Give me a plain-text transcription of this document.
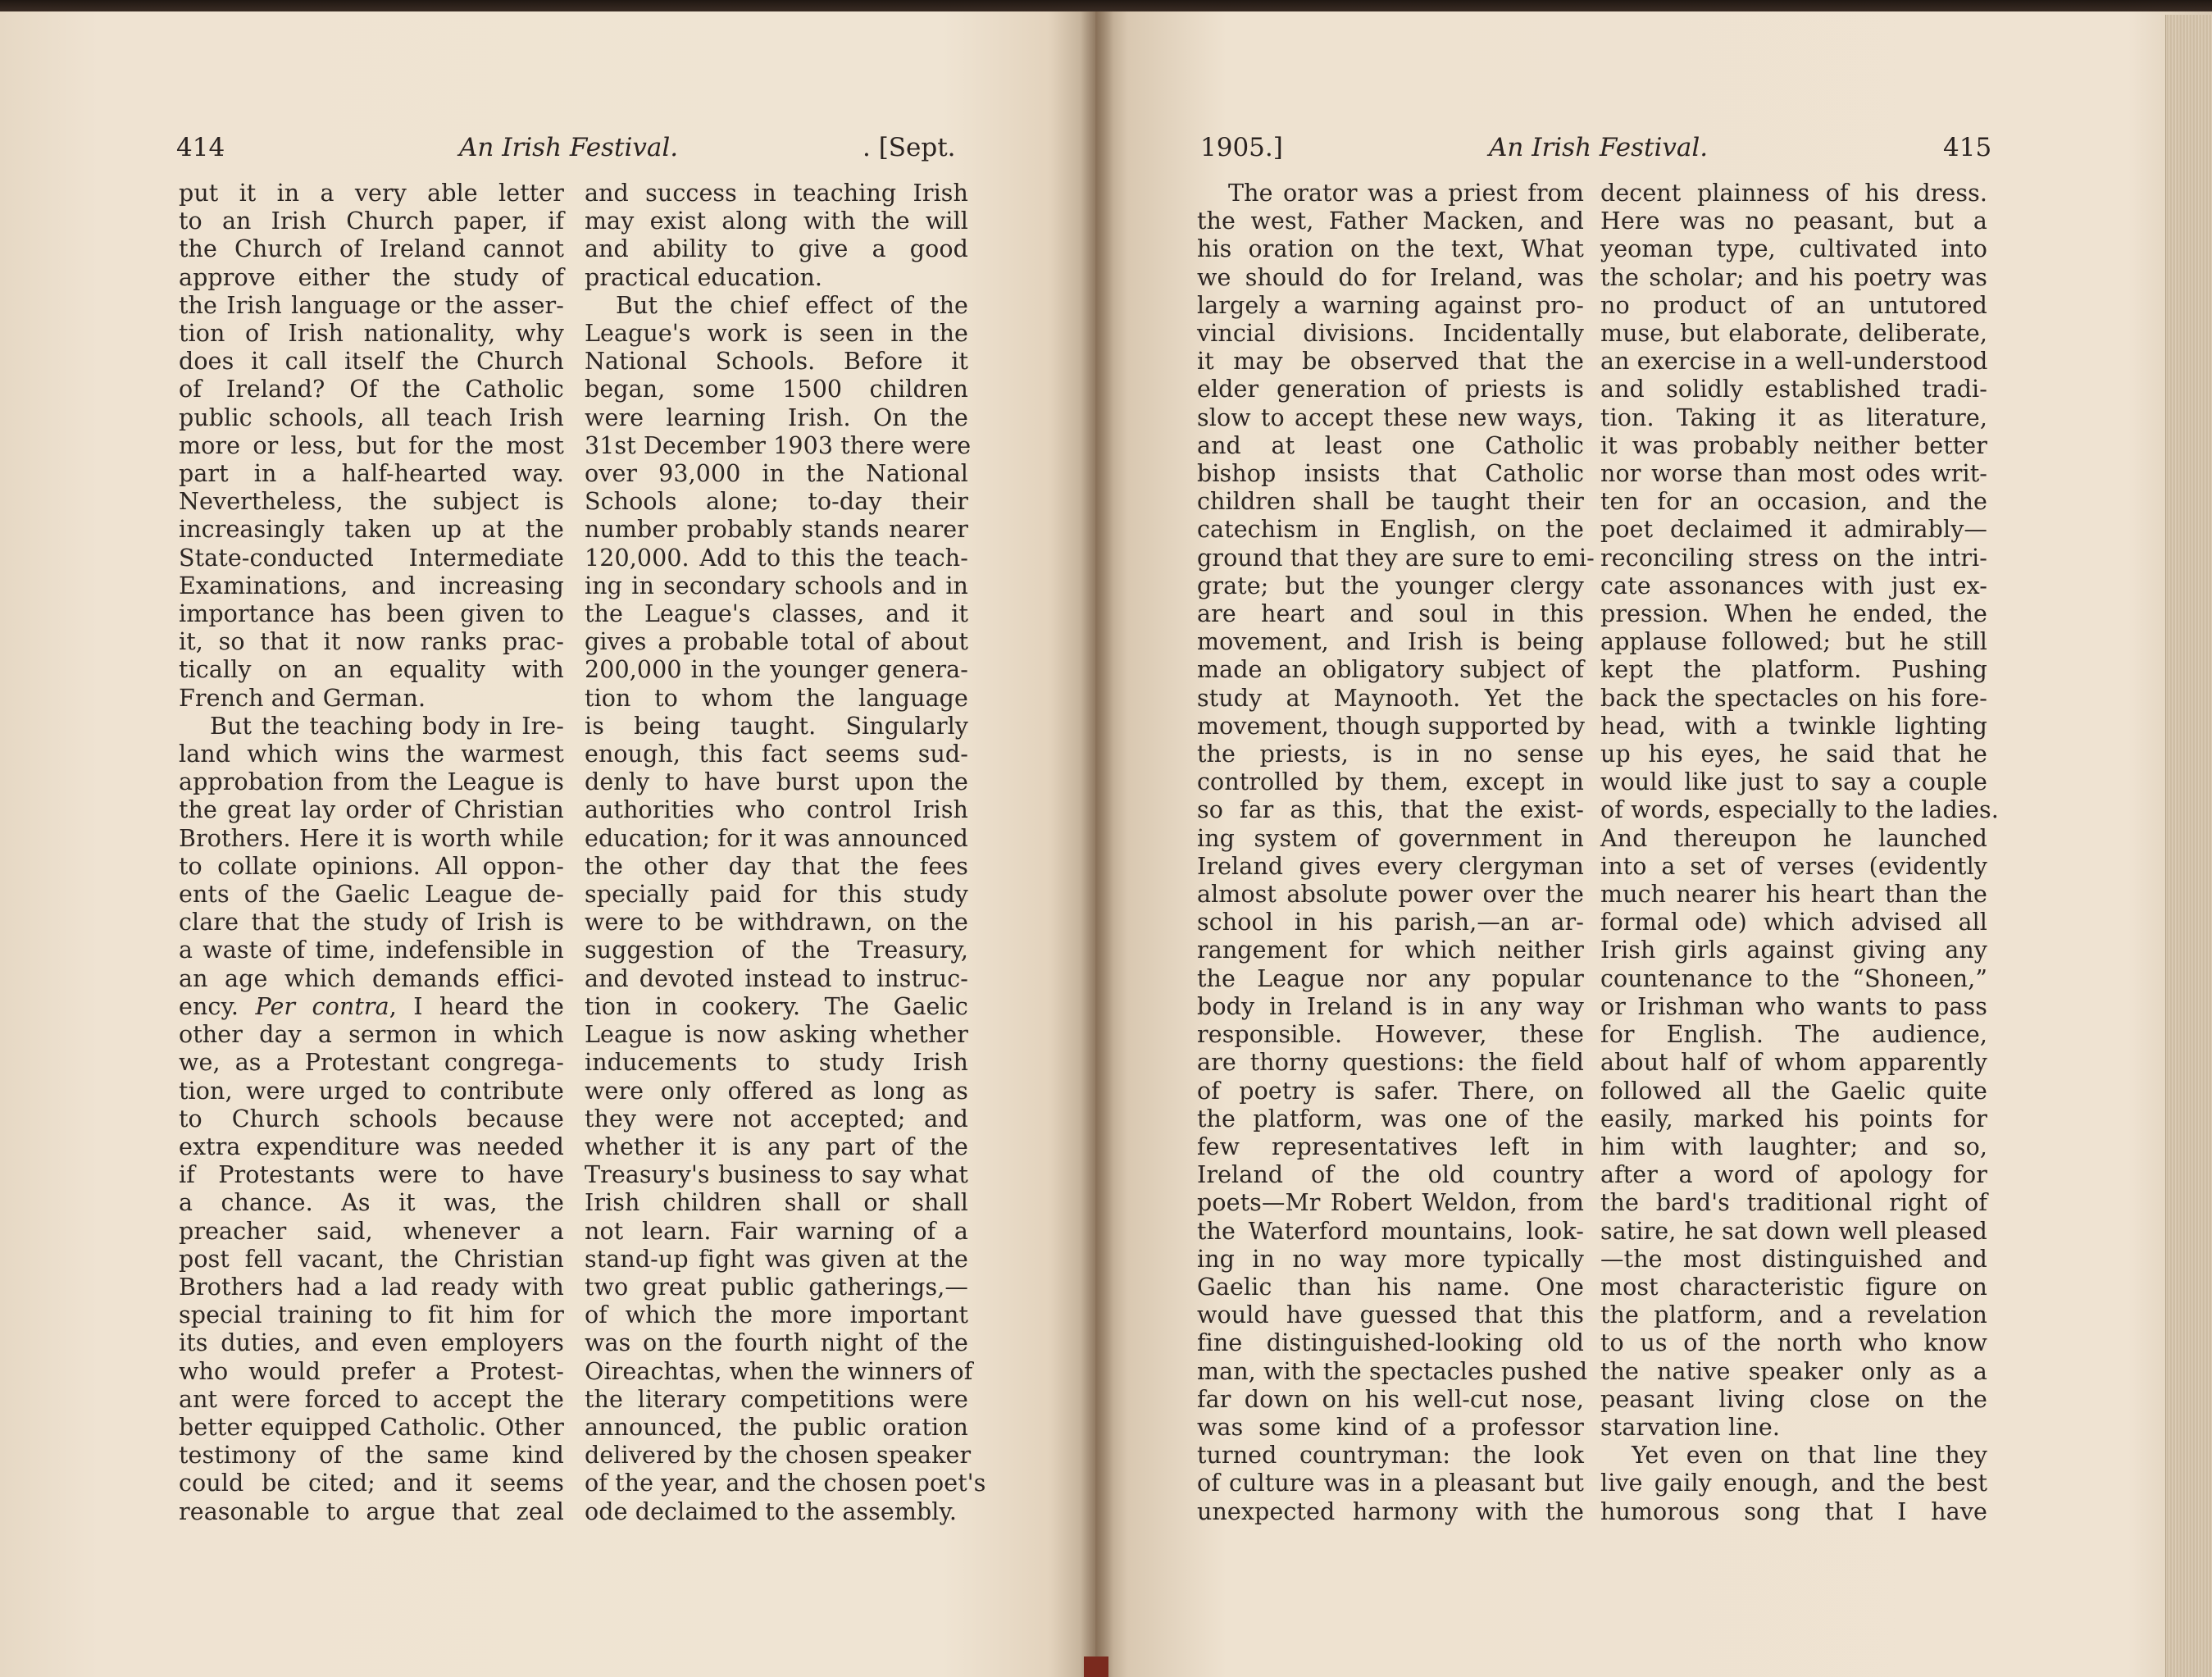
414	An Irish Festival.	. [Sept.
put it in a very able letter
to an Irish Church paper, if
the Church of Ireland cannot
approve either the study of
the Irish language or the asser-
tion of Irish nationality, why
does it call itself the Church
of Ireland? Of the Catholic
public schools, all teach Irish
more or less, but for the most
part in a half-hearted way.
Nevertheless, the subject is
increasingly taken up at the
State-conducted Intermediate
Examinations, and increasing
importance has been given to
it, so that it now ranks prac-
tically on an equality with
French and German.
But the teaching body in Ire-
land which wins the warmest
approbation from the League is
the great lay order of Christian
Brothers. Here it is worth while
to collate opinions. All oppon-
ents of the Gaelic League de-
clare that the study of Irish is
a waste of time, indefensible in
an age which demands effici-
ency. Per contra, I heard the
other day a sermon in which
we, as a Protestant congrega-
tion, were urged to contribute
to Church schools because
extra expenditure was needed
if Protestants were to have
a chance. As it was, the
preacher said, whenever a
post fell vacant, the Christian
Brothers had a lad ready with
special training to fit him for
its duties, and even employers
who would prefer a Protest-
ant were forced to accept the
better equipped Catholic. Other
testimony of the same kind
could be cited; and it seems
reasonable to argue that zeal
and success in teaching Irish
may exist along with the will
and ability to give a good
practical education.
But the chief effect of the
League's work is seen in the
National Schools. Before it
began, some 1500 children
were learning Irish. On the
31st December 1903 there were
over 93,000 in the National
Schools alone; to-day their
number probably stands nearer
120,000. Add to this the teach-
ing in secondary schools and in
the League's classes, and it
gives a probable total of about
200,000 in the younger genera-
tion to whom the language
is being taught. Singularly
enough, this fact seems sud-
denly to have burst upon the
authorities who control Irish
education; for it was announced
the other day that the fees
specially paid for this study
were to be withdrawn, on the
suggestion of the Treasury,
and devoted instead to instruc-
tion in cookery. The Gaelic
League is now asking whether
inducements to study Irish
were only offered as long as
they were not accepted; and
whether it is any part of the
Treasury's business to say what
Irish children shall or shall
not learn. Fair warning of a
stand-up fight was given at the
two great public gatherings,—
of which the more important
was on the fourth night of the
Oireachtas, when the winners of
the literary competitions were
announced, the public oration
delivered by the chosen speaker
of the year, and the chosen poet's
ode declaimed to the assembly.
1905.]	An Irish Festival.	415
The orator was a priest from
the west, Father Macken, and
his oration on the text, What
we should do for Ireland, was
largely a warning against pro-
vincial divisions. Incidentally
it may be observed that the
elder generation of priests is
slow to accept these new ways,
and at least one Catholic
bishop insists that Catholic
children shall be taught their
catechism in English, on the
ground that they are sure to emi-
grate; but the younger clergy
are heart and soul in this
movement, and Irish is being
made an obligatory subject of
study at Maynooth. Yet the
movement, though supported by
the priests, is in no sense
controlled by them, except in
so far as this, that the exist-
ing system of government in
Ireland gives every clergyman
almost absolute power over the
school in his parish,—an ar-
rangement for which neither
the League nor any popular
body in Ireland is in any way
responsible. However, these
are thorny questions: the field
of poetry is safer. There, on
the platform, was one of the
few representatives left in
Ireland of the old country
poets—Mr Robert Weldon, from
the Waterford mountains, look-
ing in no way more typically
Gaelic than his name. One
would have guessed that this
fine distinguished-looking old
man, with the spectacles pushed
far down on his well-cut nose,
was some kind of a professor
turned countryman: the look
of culture was in a pleasant but
unexpected harmony with the
decent plainness of his dress.
Here was no peasant, but a
yeoman type, cultivated into
the scholar; and his poetry was
no product of an untutored
muse, but elaborate, deliberate,
an exercise in a well-understood
and solidly established tradi-
tion. Taking it as literature,
it was probably neither better
nor worse than most odes writ-
ten for an occasion, and the
poet declaimed it admirably—
reconciling stress on the intri-
cate assonances with just ex-
pression. When he ended, the
applause followed; but he still
kept the platform. Pushing
back the spectacles on his fore-
head, with a twinkle lighting
up his eyes, he said that he
would like just to say a couple
of words, especially to the ladies.
And thereupon he launched
into a set of verses (evidently
much nearer his heart than the
formal ode) which advised all
Irish girls against giving any
countenance to the “Shoneen,”
or Irishman who wants to pass
for English. The audience,
about half of whom apparently
followed all the Gaelic quite
easily, marked his points for
him with laughter; and so,
after a word of apology for
the bard's traditional right of
satire, he sat down well pleased
—the most distinguished and
most characteristic figure on
the platform, and a revelation
to us of the north who know
the native speaker only as a
peasant living close on the
starvation line.
Yet even on that line they
live gaily enough, and the best
humorous song that I have
